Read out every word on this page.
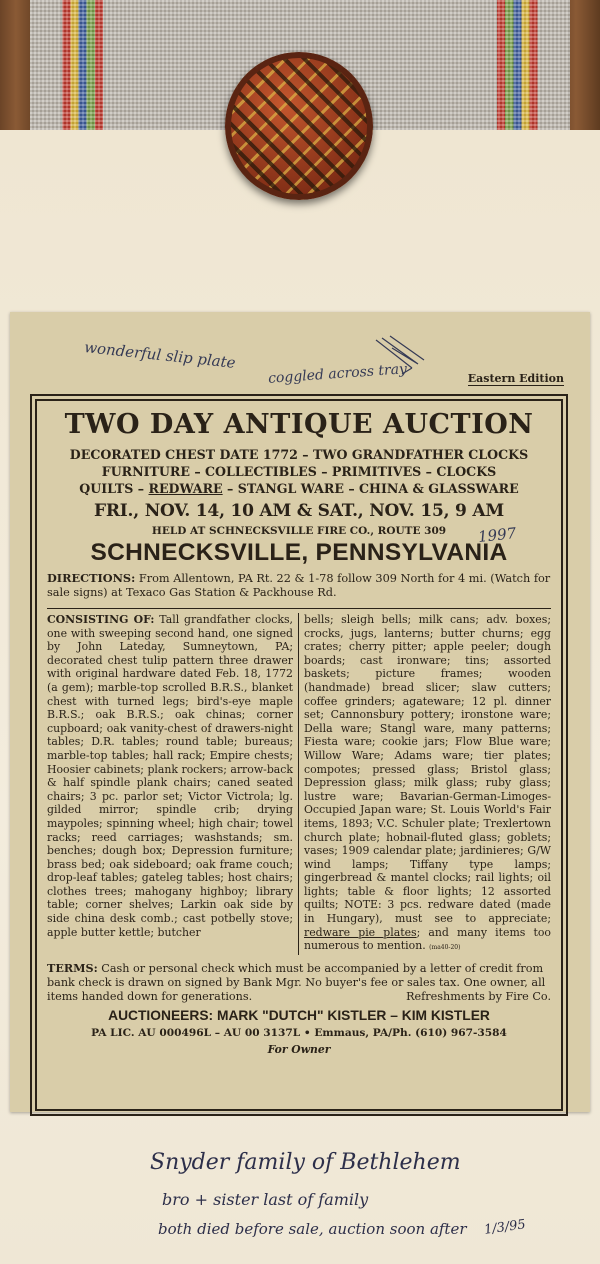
wonderful slip plate
coggled across tray	Eastern Edition
TWO DAY ANTIQUE AUCTION
DECORATED CHEST DATE 1772 – TWO GRANDFATHER CLOCKS
FURNITURE – COLLECTIBLES – PRIMITIVES – CLOCKS
QUILTS – REDWARE – STANGL WARE – CHINA & GLASSWARE
FRI., NOV. 14, 10 AM & SAT., NOV. 15, 9 AM
HELD AT SCHNECKSVILLE FIRE CO., ROUTE 309
SCHNECKSVILLE, PENNSYLVANIA
DIRECTIONS: From Allentown, PA Rt. 22 & 1-78 follow 309 North for 4 mi. (Watch for sale signs) at Texaco Gas Station & Packhouse Rd.
CONSISTING OF: Tall grandfather clocks, one with sweeping second hand, one signed by John Lateday, Sumneytown, PA; decorated chest tulip pattern three drawer with original hardware dated Feb. 18, 1772 (a gem); marble-top scrolled B.R.S., blanket chest with turned legs; bird's-eye maple B.R.S.; oak B.R.S.; oak chinas; corner cupboard; oak vanity-chest of drawers-night tables; D.R. tables; round table; bureaus; marble-top tables; hall rack; Empire chests; Hoosier cabinets; plank rockers; arrow-back & half spindle plank chairs; caned seated chairs; 3 pc. parlor set; Victor Victrola; lg. gilded mirror; spindle crib; drying maypoles; spinning wheel; high chair; towel racks; reed carriages; washstands; sm. benches; dough box; Depression furniture; brass bed; oak sideboard; oak frame couch; drop-leaf tables; gateleg tables; host chairs; clothes trees; mahogany highboy; library table; corner shelves; Larkin oak side by side china desk comb.; cast potbelly stove; apple butter kettle; butcher
bells; sleigh bells; milk cans; adv. boxes; crocks, jugs, lanterns; butter churns; egg crates; cherry pitter; apple peeler; dough boards; cast ironware; tins; assorted baskets; picture frames; wooden (handmade) bread slicer; slaw cutters; coffee grinders; agateware; 12 pl. dinner set; Cannonsbury pottery; ironstone ware; Della ware; Stangl ware, many patterns; Fiesta ware; cookie jars; Flow Blue ware; Willow Ware; Adams ware; tier plates; compotes; pressed glass; Bristol glass; Depression glass; milk glass; ruby glass; lustre ware; Bavarian-German-Limoges-Occupied Japan ware; St. Louis World's Fair items, 1893; V.C. Schuler plate; Trexlertown church plate; hobnail-fluted glass; goblets; vases; 1909 calendar plate; jardinieres; G/W wind lamps; Tiffany type lamps; gingerbread & mantel clocks; rail lights; oil lights; table & floor lights; 12 assorted quilts; NOTE: 3 pcs. redware dated (made in Hungary), must see to appreciate; redware pie plates; and many items too numerous to mention. (ma40-20)
TERMS: Cash or personal check which must be accompanied by a letter of credit from bank check is drawn on signed by Bank Mgr. No buyer's fee or sales tax. One owner, all items handed down for generations.	Refreshments by Fire Co.
AUCTIONEERS: MARK "DUTCH" KISTLER – KIM KISTLER
PA LIC. AU 000496L – AU 00 3137L • Emmaus, PA/Ph. (610) 967-3584
For Owner
1997
Snyder family of Bethlehem
bro + sister last of family
both died before sale, auction soon after 1/3/95
